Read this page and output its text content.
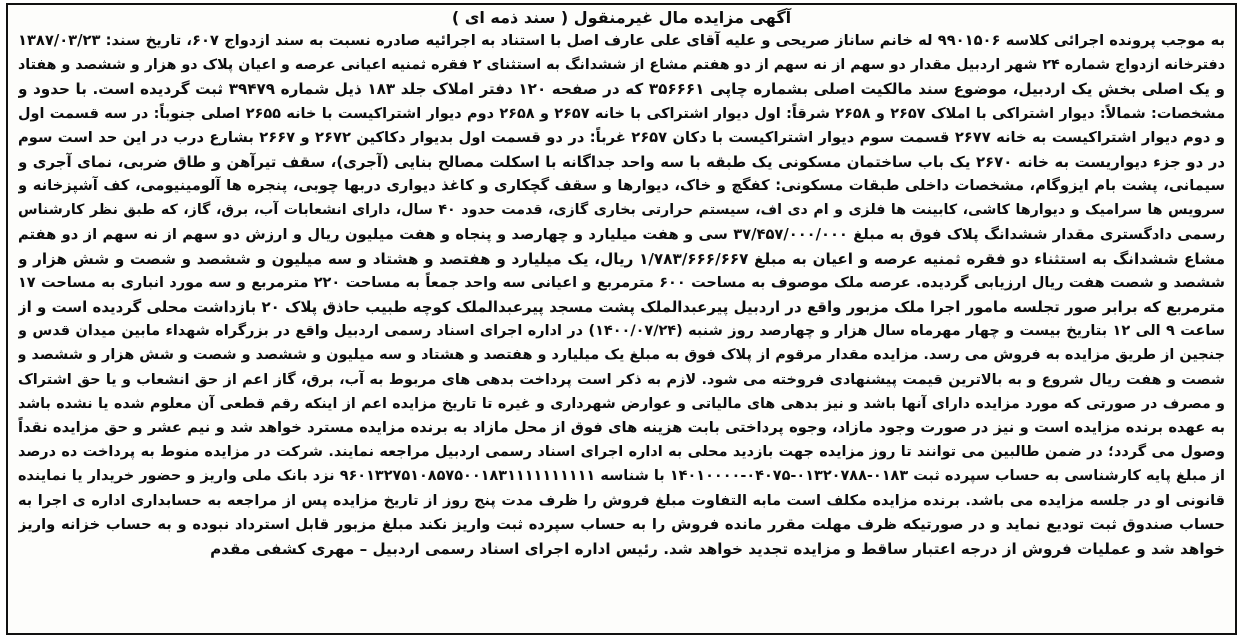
آگهی مزایده مال غیرمنقول ( سند ذمه ای )
به موجب پرونده اجرائی کلاسه ۹۹۰۱۵۰۶ له خانم ساناز صریحی و علیه آقای علی عارف اصل با استناد به اجرائیه صادره نسبت به سند ازدواج ۶۰۷، تاریخ سند: ۱۳۸۷/۰۳/۲۳
دفترخانه ازدواج شماره ۲۴ شهر اردبیل مقدار دو سهم از نه سهم از دو هفتم مشاع از ششدانگ به استثنای ۲ فقره ثمنیه اعیانی عرصه و اعیان پلاک دو هزار و ششصد و هفتاد
و یک اصلی بخش یک اردبیل، موضوع سند مالکیت اصلی بشماره چاپی ۳۵۶۶۶۱ که در صفحه ۱۲۰ دفتر املاک جلد ۱۸۳ ذیل شماره ۳۹۴۷۹ ثبت گردیده است. با حدود و
مشخصات: شمالاً: دیوار اشتراکی با املاک ۲۶۵۷ و ۲۶۵۸ شرقاً: اول دیوار اشتراکی با خانه ۲۶۵۷ و ۲۶۵۸ دوم دیوار اشتراکیست با خانه ۲۶۵۵ اصلی جنوباً: در سه قسمت اول
و دوم دیوار اشتراکیست به خانه ۲۶۷۷ قسمت سوم دیوار اشتراکیست با دکان ۲۶۵۷ غرباً: در دو قسمت اول بدیوار دکاکین ۲۶۷۲ و ۲۶۶۷ بشارع درب در این حد است سوم
در دو جزء دیواریست به خانه ۲۶۷۰ یک باب ساختمان مسکونی یک طبقه با سه واحد جداگانه با اسکلت مصالح بنایی (آجری)، سقف تیرآهن و طاق ضربی، نمای آجری و
سیمانی، پشت بام ایزوگام، مشخصات داخلی طبقات مسکونی: کفگچ و خاک، دیوارها و سقف گچکاری و کاغذ دیواری دربها چوبی، پنجره ها آلومینیومی، کف آشپزخانه و
سرویس ها سرامیک و دیوارها کاشی، کابینت ها فلزی و ام دی اف، سیستم حرارتی بخاری گازی، قدمت حدود ۴۰ سال، دارای انشعابات آب، برق، گاز، که طبق نظر کارشناس
رسمی دادگستری مقدار ششدانگ پلاک فوق به مبلغ ۳۷/۴۵۷/۰۰۰/۰۰۰ سی و هفت میلیارد و چهارصد و پنجاه و هفت میلیون ریال و ارزش دو سهم از نه سهم از دو هفتم
مشاع ششدانگ به استثناء دو فقره ثمنیه عرصه و اعیان به مبلغ ۱/۷۸۳/۶۶۶/۶۶۷ ریال، یک میلیارد و هفتصد و هشتاد و سه میلیون و ششصد و شصت و شش هزار و
ششصد و شصت هفت ریال ارزیابی گردیده. عرصه ملک موصوف به مساحت ۶۰۰ مترمربع و اعیانی سه واحد جمعاً به مساحت ۲۲۰ مترمربع و سه مورد انباری به مساحت ۱۷
مترمربع که برابر صور تجلسه مامور اجرا ملک مزبور واقع در اردبیل پیرعبدالملک پشت مسجد پیرعبدالملک کوچه طبیب حاذق پلاک ۲۰ بازداشت محلی گردیده است و از
ساعت ۹ الی ۱۲ بتاریخ بیست و چهار مهرماه سال هزار و چهارصد روز شنبه (۱۴۰۰/۰۷/۲۴) در اداره اجرای اسناد رسمی اردبیل واقع در بزرگراه شهداء مابین میدان قدس و
جنجین از طریق مزایده به فروش می رسد. مزایده مقدار مرقوم از پلاک فوق به مبلغ یک میلیارد و هفتصد و هشتاد و سه میلیون و ششصد و شصت و شش هزار و ششصد و
شصت و هفت ریال شروع و به بالاترین قیمت پیشنهادی فروخته می شود. لازم به ذکر است پرداخت بدهی های مربوط به آب، برق، گاز اعم از حق انشعاب و یا حق اشتراک
و مصرف در صورتی که مورد مزایده دارای آنها باشد و نیز بدهی های مالیاتی و عوارض شهرداری و غیره تا تاریخ مزایده اعم از اینکه رقم قطعی آن معلوم شده یا نشده باشد
به عهده برنده مزایده است و نیز در صورت وجود مازاد، وجوه پرداختی بابت هزینه های فوق از محل مازاد به برنده مزایده مسترد خواهد شد و نیم عشر و حق مزایده نقداً
وصول می گردد؛ در ضمن طالبین می توانند تا روز مزایده جهت بازدید محلی به اداره اجرای اسناد رسمی اردبیل مراجعه نمایند. شرکت در مزایده منوط به پرداخت ده درصد
از مبلغ پایه کارشناسی به حساب سپرده ثبت ۰۱۸۳-۰۱۳۲۰۷۸۸-۰۴۰۷۵-۱۴۰۱۰۰۰۰ با شناسه ۹۶۰۱۳۲۷۵۱۰۸۵۷۵۰۰۱۸۳۱۱۱۱۱۱۱۱۱۱ نزد بانک ملی واریز و حضور خریدار یا نماینده
قانونی او در جلسه مزایده می باشد. برنده مزایده مکلف است مابه التفاوت مبلغ فروش را ظرف مدت پنج روز از تاریخ مزایده پس از مراجعه به حسابداری اداره ی اجرا به
حساب صندوق ثبت تودیع نماید و در صورتیکه ظرف مهلت مقرر مانده فروش را به حساب سپرده ثبت واریز نکند مبلغ مزبور قابل استرداد نبوده و به حساب خزانه واریز
خواهد شد و عملیات فروش از درجه اعتبار ساقط و مزایده تجدید خواهد شد. رئیس اداره اجرای اسناد رسمی اردبیل – مهری کشفی مقدم
